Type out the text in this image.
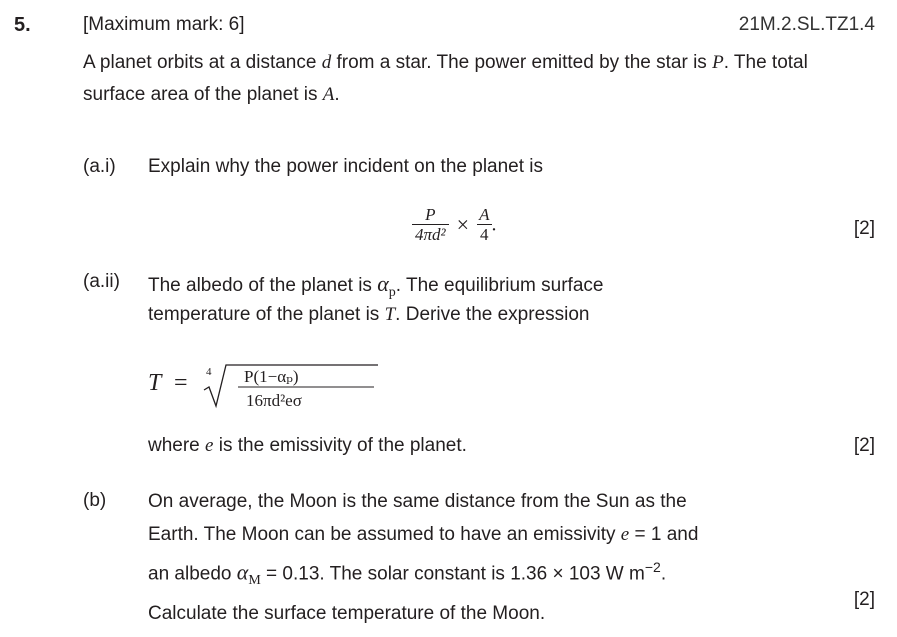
5.	[Maximum mark: 6]	21M.2.SL.TZ1.4
A planet orbits at a distance d from a star. The power emitted by the star is P. The total surface area of the planet is A.
(a.i) Explain why the power incident on the planet is
$\frac{P}{\text{4πd²}} \times \frac{A}{4}$ .	[2]
(a.ii) The albedo of the planet is $\alpha_p$. The equilibrium surface
temperature of the planet is T. Derive the expression
T = 4 P(1−αₚ)
16πd²eσ
where e is the emissivity of the planet.	[2]
(b) On average, the Moon is the same distance from the Sun as the
Earth. The Moon can be assumed to have an emissivity e = 1 and
an albedo $\alpha_M = 0.13$. The solar constant is 1.36 × 103 W $m^{-2}$.
Calculate the surface temperature of the Moon.
[2]
